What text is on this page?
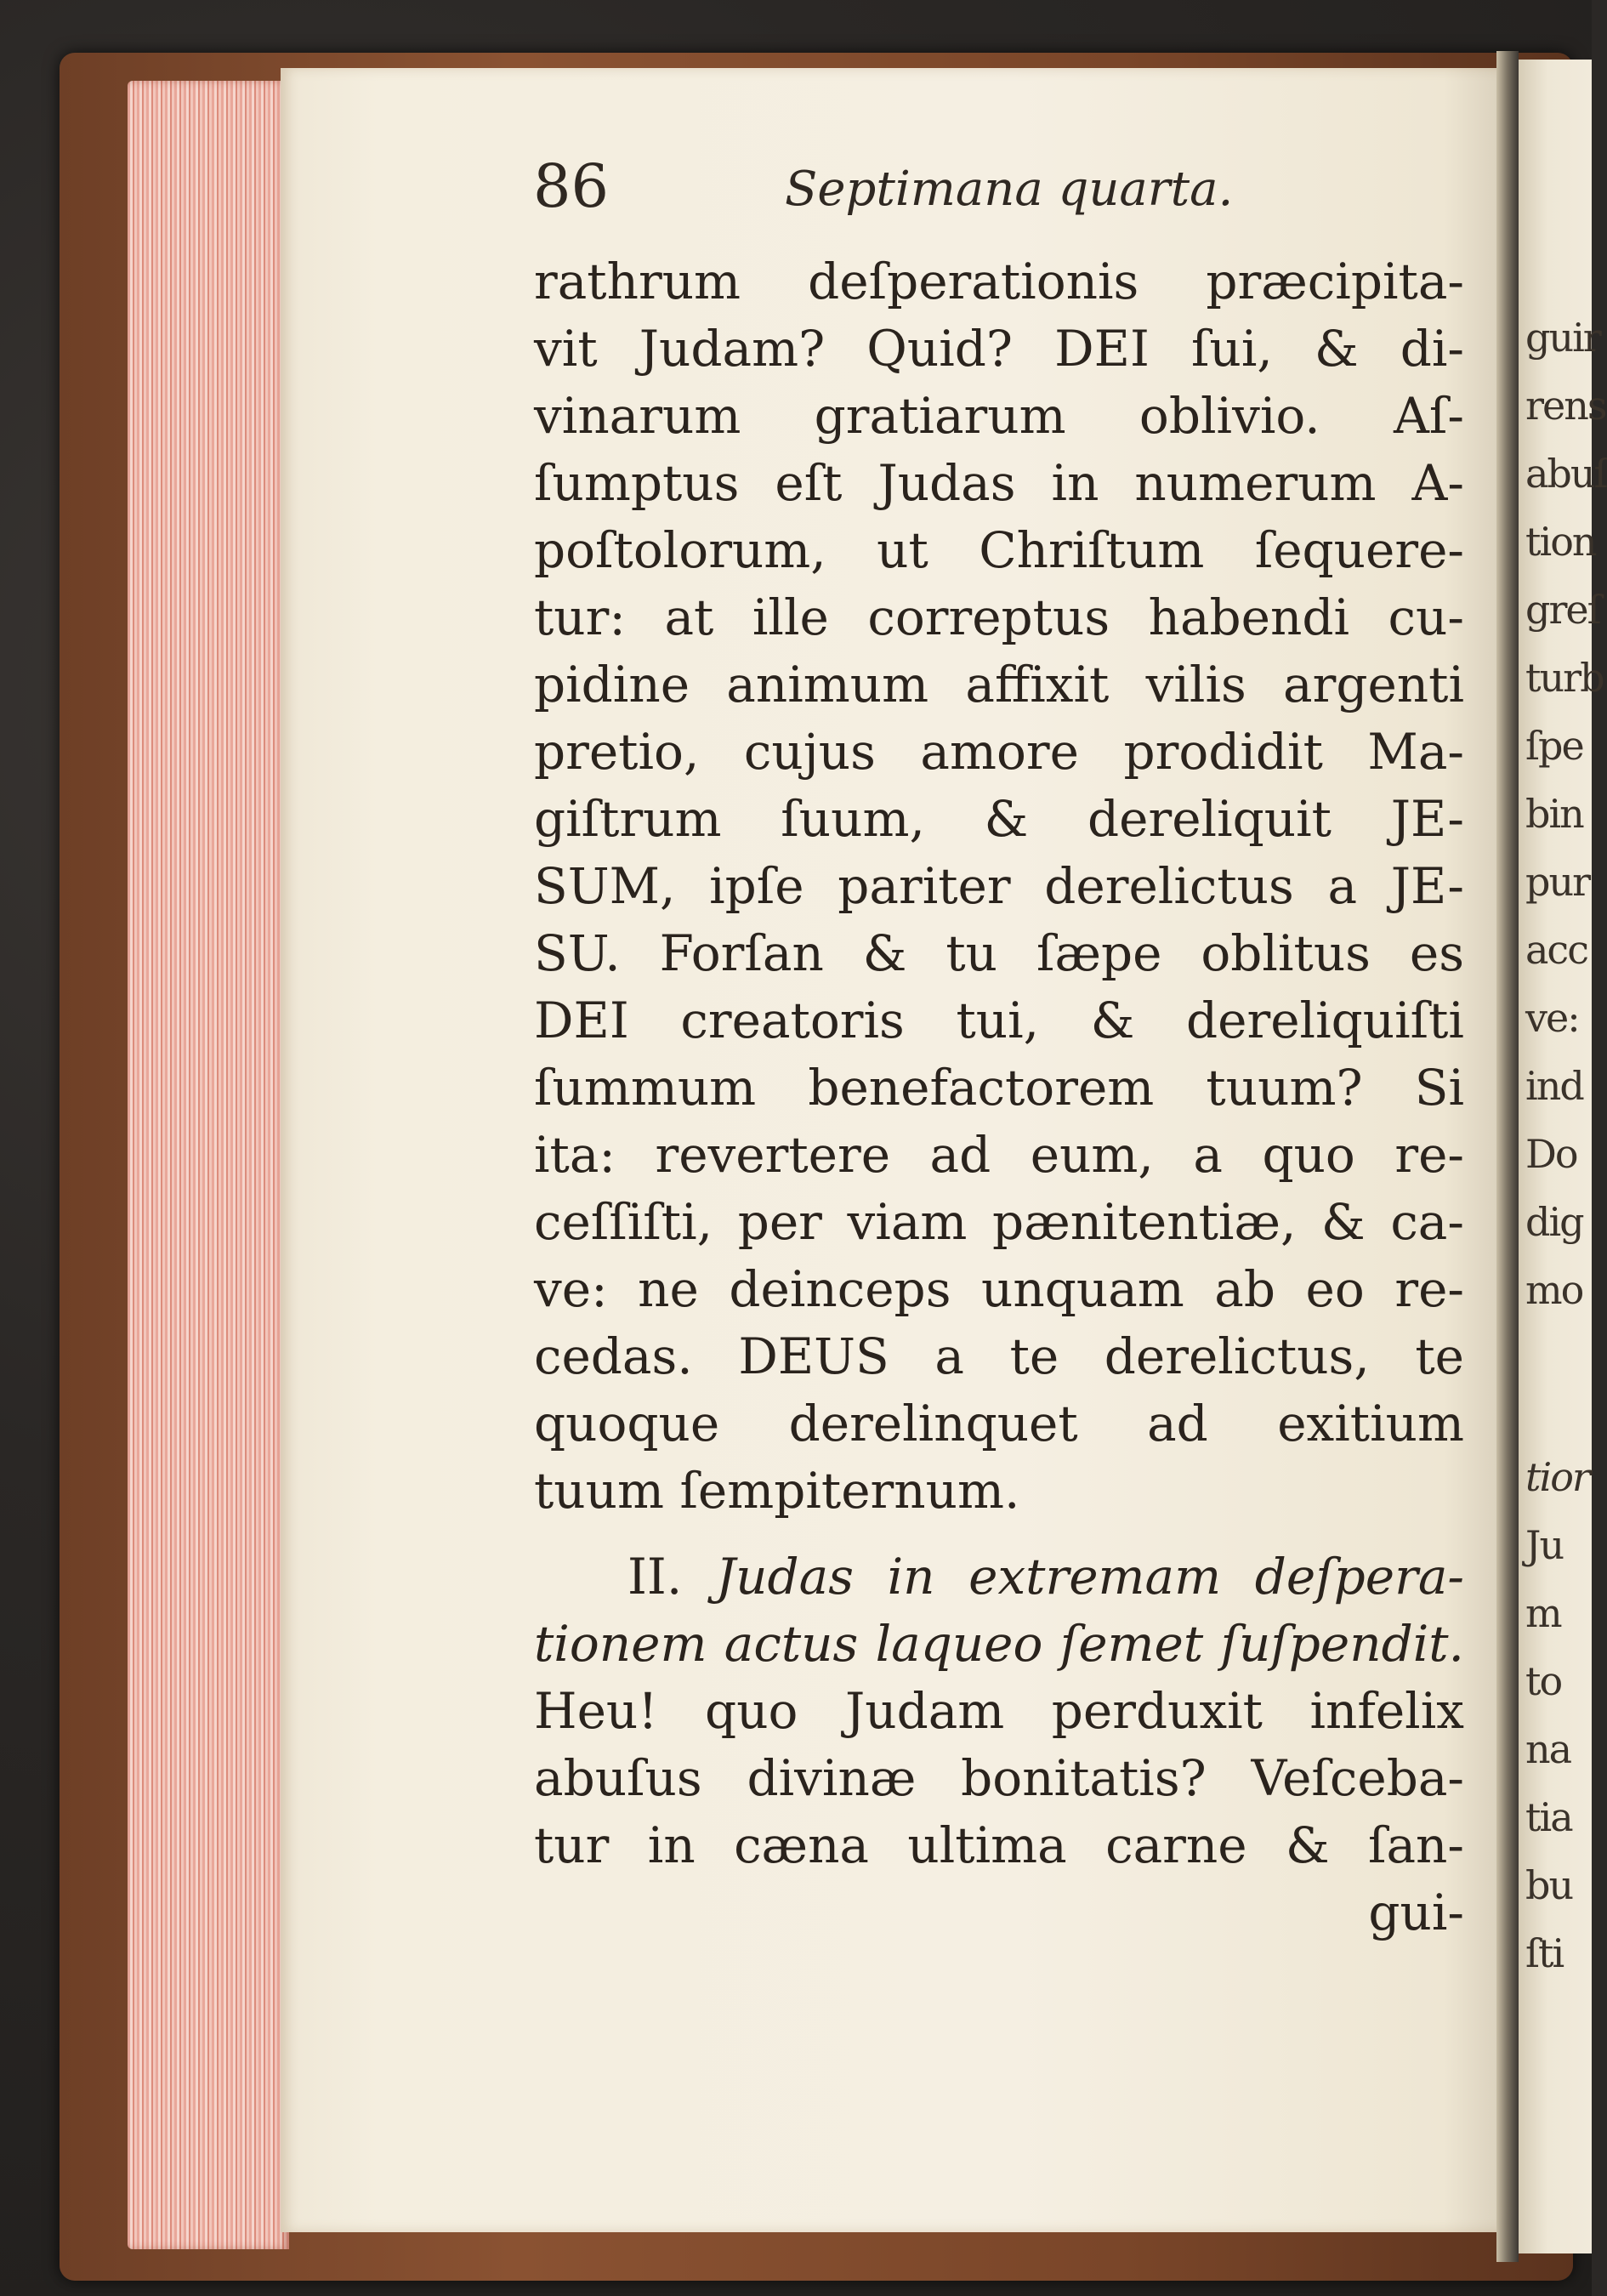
86	Septimana quarta.
rathrum deſperationis præcipita-
vit Judam? Quid? DEI ſui, & di-
vinarum gratiarum oblivio. Aſ-
ſumptus eſt Judas in numerum A-
poſtolorum, ut Chriſtum ſequere-
tur: at ille correptus habendi cu-
pidine animum affixit vilis argenti
pretio, cujus amore prodidit Ma-
giſtrum ſuum, & dereliquit JE-
SUM, ipſe pariter derelictus a JE-
SU. Forſan & tu ſæpe oblitus es
DEI creatoris tui, & dereliquiſti
ſummum benefactorem tuum? Si
ita: revertere ad eum, a quo re-
ceſſiſti, per viam pænitentiæ, & ca-
ve: ne deinceps unquam ab eo re-
cedas. DEUS a te derelictus, te
quoque derelinquet ad exitium
tuum ſempiternum.
II. Judas in extremam deſpera-
tionem actus laqueo ſemet ſuſpendit.
Heu! quo Judam perduxit infelix
abuſus divinæ bonitatis? Veſceba-
tur in cæna ultima carne & ſan-
gui-
guir
rens
abuſ
tion
greſ
turb
ſpe
bin
pur
acc
ve:
ind
Do
dig
mo
tior
Ju
m
to
na
tia
bu
ſti
